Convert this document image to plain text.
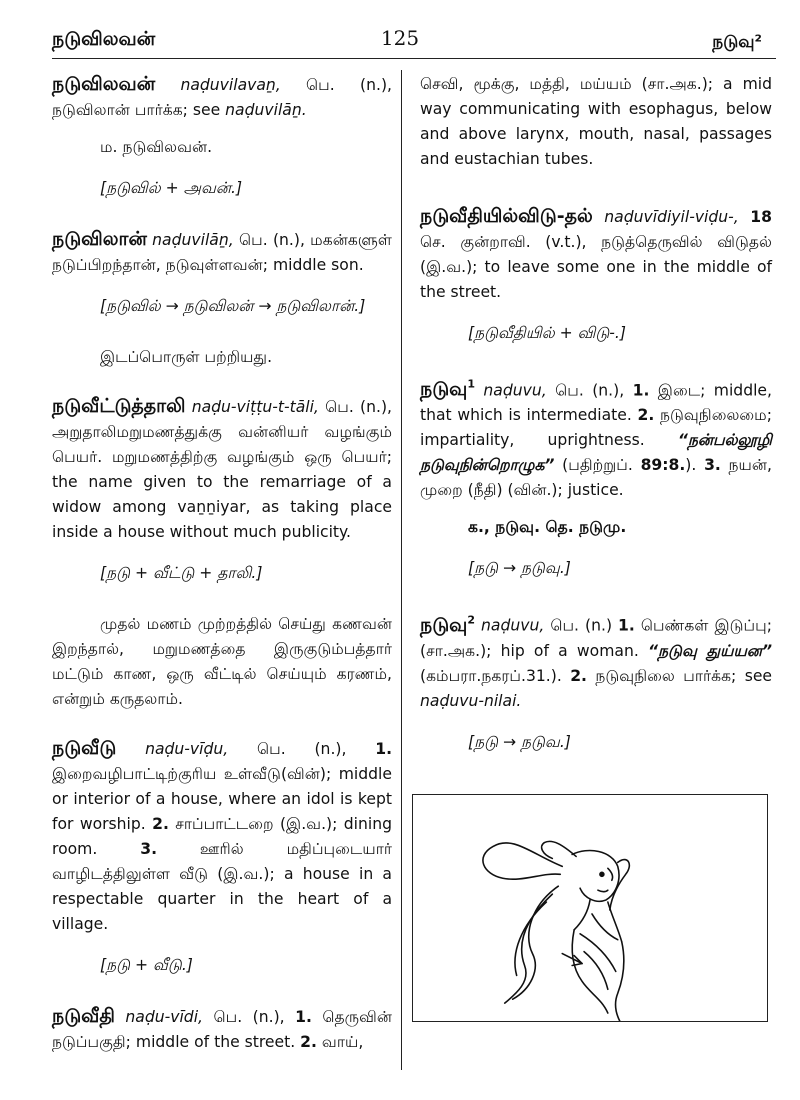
நடுவிலவன்	125	நடுவு²
நடுவிலவன் naḍuvilavaṉ, பெ. (n.), நடுவிலான் பார்க்க; see naḍuvilāṉ.
ம. நடுவிலவன்.
[நடுவில் + அவன்.]
நடுவிலான் naḍuvilāṉ, பெ. (n.), மகன்களுள் நடுப்பிறந்தான், நடுவுள்ளவன்; middle son.
[நடுவில் → நடுவிலன் → நடுவிலான்.]
இடப்பொருள் பற்றியது.
நடுவீட்டுத்தாலி naḍu-viṭṭu-t-tāli, பெ. (n.), அறுதாலிமறுமணத்துக்கு வன்னியர் வழங்கும் பெயர். மறுமணத்திற்கு வழங்கும் ஒரு பெயர்; the name given to the remarriage of a widow among vaṉṉiyar, as taking place inside a house without much publicity.
[நடு + வீட்டு + தாலி.]
முதல் மணம் முற்றத்தில் செய்து கணவன் இறந்தால், மறுமணத்தை இருகுடும்பத்தார் மட்டும் காண, ஒரு வீட்டில் செய்யும் கரணம், என்றும் கருதலாம்.
நடுவீடு naḍu-vīḍu, பெ. (n.), 1. இறைவழிபாட்டிற்குரிய உள்வீடு(வின்); middle or interior of a house, where an idol is kept for worship. 2. சாப்பாட்டறை (இ.வ.); dining room. 3. ஊரில் மதிப்புடையார் வாழிடத்திலுள்ள வீடு (இ.வ.); a house in a respectable quarter in the heart of a village.
[நடு + வீடு.]
நடுவீதி naḍu-vīdi, பெ. (n.), 1. தெருவின் நடுப்பகுதி; middle of the street. 2. வாய்,
செவி, மூக்கு, மத்தி, மய்யம் (சா.அக.); a mid way communicating with esophagus, below and above larynx, mouth, nasal, passages and eustachian tubes.
நடுவீதியில்விடு-தல் naḍuvīdiyil-viḍu-, 18 செ. குன்றாவி. (v.t.), நடுத்தெருவில் விடுதல் (இ.வ.); to leave some one in the middle of the street.
[நடுவீதியில் + விடு-.]
நடுவு$^1$ naḍuvu, பெ. (n.), 1. இடை; middle, that which is intermediate. 2. நடுவுநிலைமை; impartiality, uprightness. “நன்பல்லூழி நடுவுநின்றொழுக” (பதிற்றுப். 89:8.). 3. நயன், முறை (நீதி) (வின்.); justice.
க., நடுவு. தெ. நடுமு.
[நடு → நடுவு.]
நடுவு$^2$ naḍuvu, பெ. (n.) 1. பெண்கள் இடுப்பு; (சா.அக.); hip of a woman. “நடுவு துய்யன” (கம்பரா.நகரப்.31.). 2. நடுவுநிலை பார்க்க; see naḍuvu-nilai.
[நடு → நடுவ.]
